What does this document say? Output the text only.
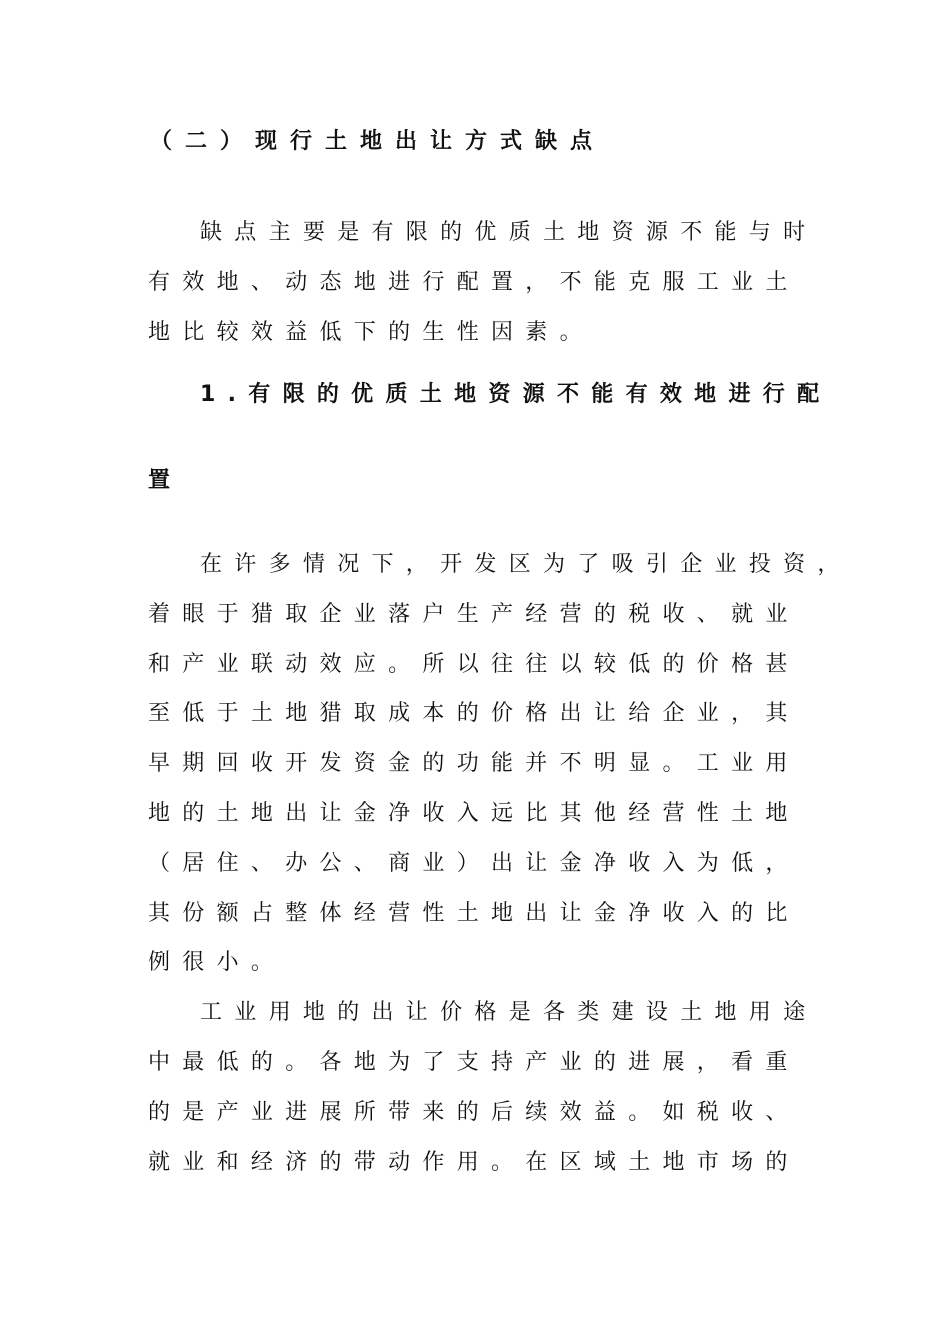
（二）现行土地出让方式缺点
缺点主要是有限的优质土地资源不能与时
有效地、动态地进行配置，不能克服工业土
地比较效益低下的生性因素。
1.有限的优质土地资源不能有效地进行配
置
在许多情况下，开发区为了吸引企业投资，
着眼于猎取企业落户生产经营的税收、就业
和产业联动效应。所以往往以较低的价格甚
至低于土地猎取成本的价格出让给企业，其
早期回收开发资金的功能并不明显。工业用
地的土地出让金净收入远比其他经营性土地
（居住、办公、商业）出让金净收入为低，
其份额占整体经营性土地出让金净收入的比
例很小。
工业用地的出让价格是各类建设土地用途
中最低的。各地为了支持产业的进展，看重
的是产业进展所带来的后续效益。如税收、
就业和经济的带动作用。在区域土地市场的
